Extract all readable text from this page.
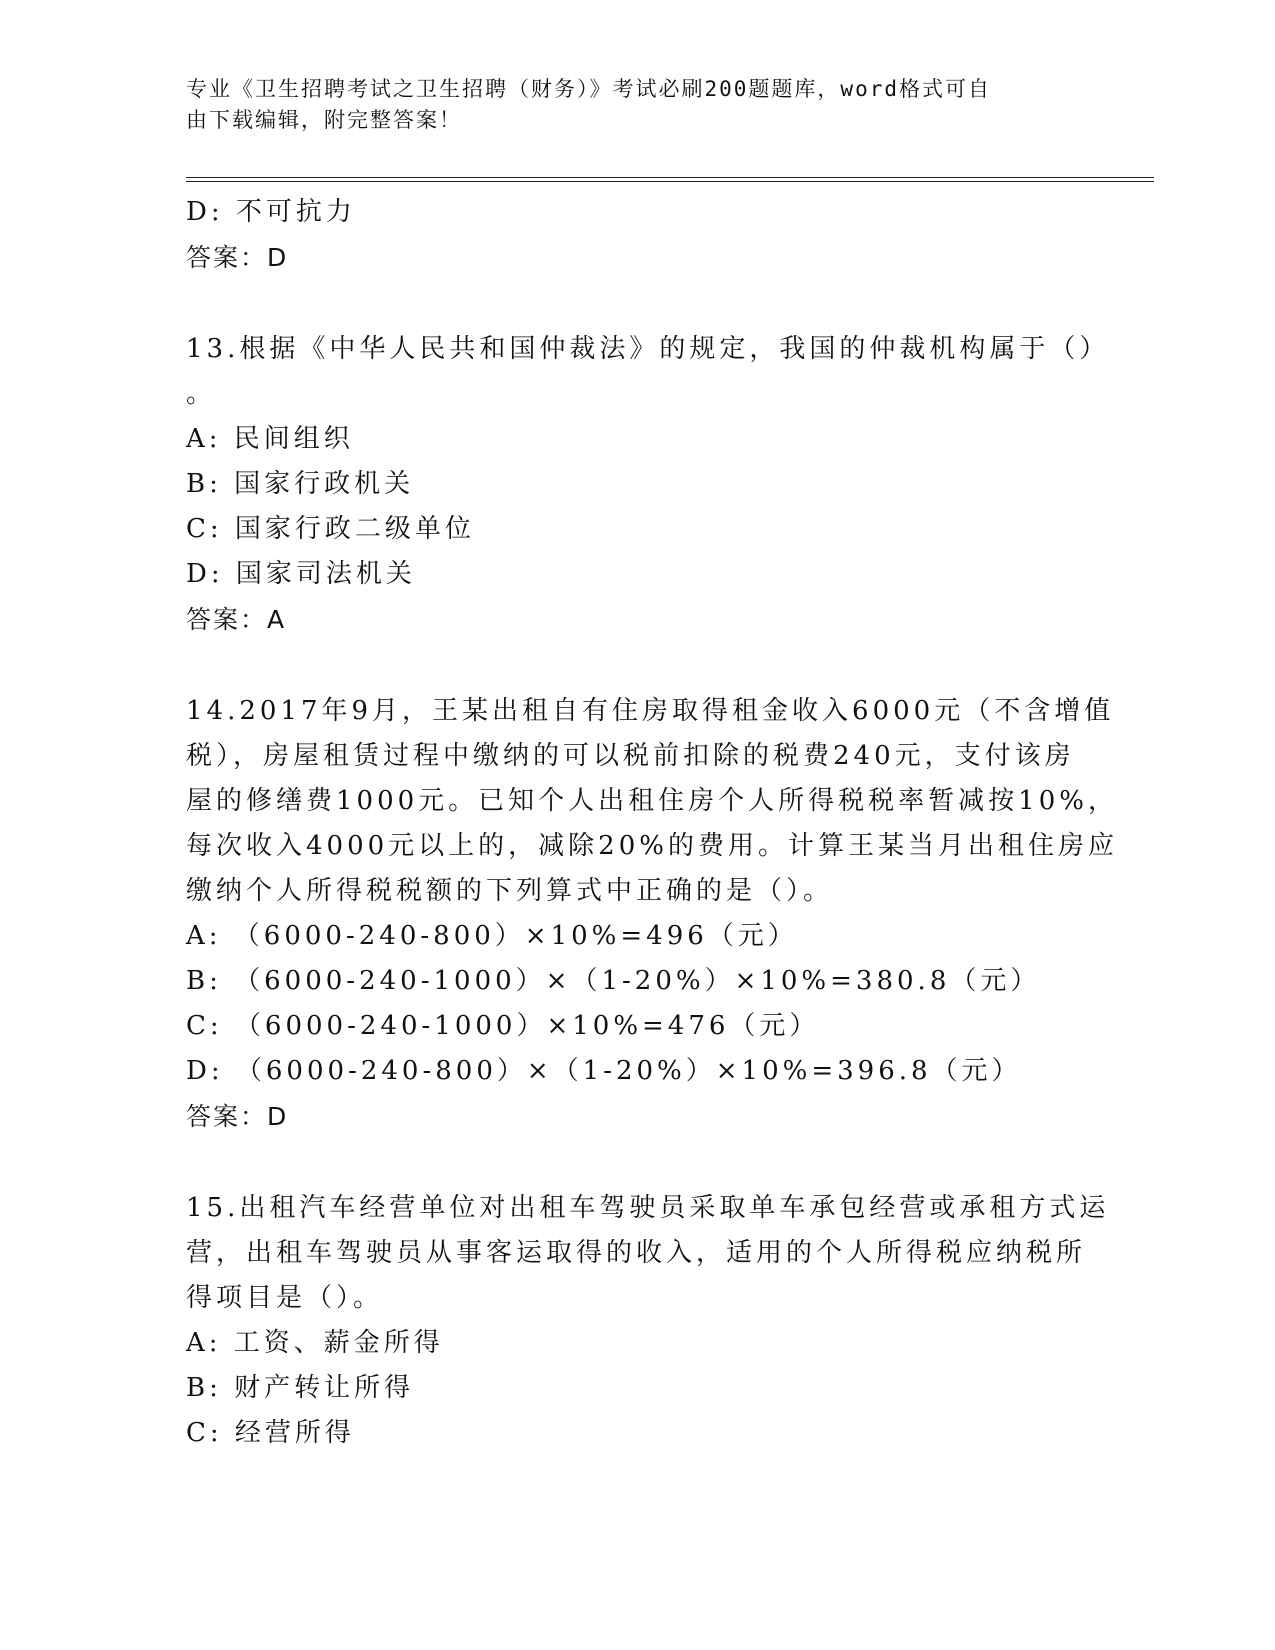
专业《卫生招聘考试之卫生招聘（财务）》考试必刷200题题库，word格式可自
由下载编辑，附完整答案！
D: 不可抗力
答案：D
13.根据《中华人民共和国仲裁法》的规定，我国的仲裁机构属于（）
。
A: 民间组织
B: 国家行政机关
C: 国家行政二级单位
D: 国家司法机关
答案：A
14.2017年9月，王某出租自有住房取得租金收入6000元（不含增值
税），房屋租赁过程中缴纳的可以税前扣除的税费240元，支付该房
屋的修缮费1000元。已知个人出租住房个人所得税税率暂减按10%，
每次收入4000元以上的，减除20%的费用。计算王某当月出租住房应
缴纳个人所得税税额的下列算式中正确的是（）。
A: （6000-240-800）×10%=496（元）
B: （6000-240-1000）×（1-20%）×10%=380.8（元）
C: （6000-240-1000）×10%=476（元）
D: （6000-240-800）×（1-20%）×10%=396.8（元）
答案：D
15.出租汽车经营单位对出租车驾驶员采取单车承包经营或承租方式运
营，出租车驾驶员从事客运取得的收入，适用的个人所得税应纳税所
得项目是（）。
A: 工资、薪金所得
B: 财产转让所得
C: 经营所得
